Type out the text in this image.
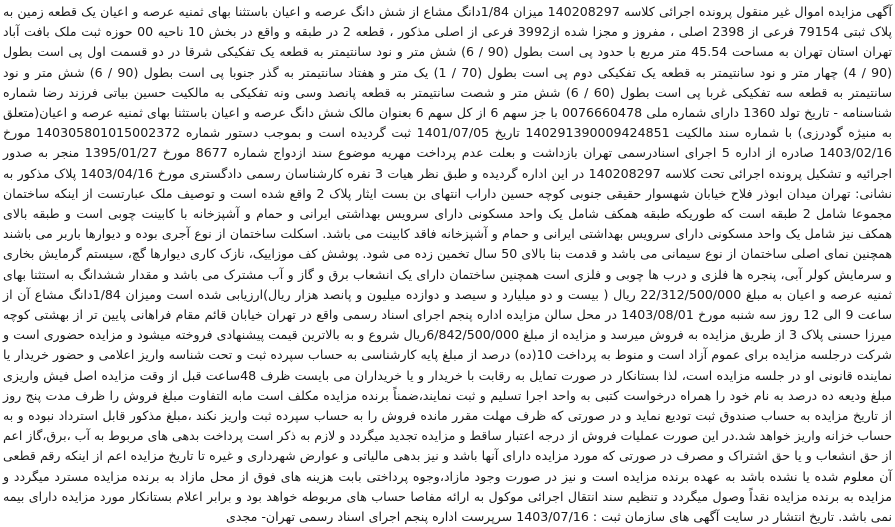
آگهی مزایده اموال غیر منقول پرونده اجرائی کلاسه 140208297 میزان 1/84دانگ مشاع از شش دانگ عرصه و اعیان باستثنا بهای ثمنیه عرصه و اعیان یک قطعه زمین به پلاک ثبتی 79154 فرعی از 2398 اصلی ، مفروز و مجزا شده از3992 فرعی از اصلی مذکور ، قطعه 2 در طبقه و واقع در بخش 10 ناحیه 00 حوزه ثبت ملک بافت آباد تهران استان تهران به مساحت 45.54 متر مربع با حدود پی است بطول (90 / 6) شش متر و نود سانتیمتر به قطعه یک تفکیکی شرقا در دو قسمت اول پی است بطول (90 / 4) چهار متر و نود سانتیمتر به قطعه یک تفکیکی دوم پی است بطول (70 / 1) یک متر و هفتاد سانتیمتر به گذر جنوبا پی است بطول (90 / 6) شش متر و نود سانتیمتر به قطعه سه تفکیکی غربا پی است بطول (60 / 6) شش متر و شصت سانتیمتر به قطعه پانصد وسی ونه تفکیکی به مالکیت حسین بیاتی فرزند رضا شماره شناسنامه - تاریخ تولد 1360 دارای شماره ملی 0076660478 با جز سهم 6 از کل سهم 6 بعنوان مالک شش دانگ عرصه و اعیان باستثنا بهای ثمنیه عرصه و اعیان(متعلق به منیژه گودرزی) با شماره سند مالکیت 140291390009424851 تاریخ 1401/07/05 ثبت گردیده است و بموجب دستور شماره 140305801015002372 مورخ 1403/02/16 صادره از اداره 5 اجرای اسنادرسمی تهران بازداشت و بعلت عدم پرداخت مهریه موضوع سند ازدواج شماره 8677 مورخ 1395/01/27 منجر به صدور اجرائیه و تشکیل پرونده اجرائی تحت کلاسه 140208297 در این اداره گردیده و طبق نظر هیات 3 نفره کارشناسان رسمی دادگستری مورخ 1403/04/16 پلاک مذکور به نشانی: تهران میدان ابوذر فلاح خیابان شهسوار حقیقی جنوبی کوچه حسین داراب انتهای بن بست ایثار پلاک 2 واقع شده است و توصیف ملک عبارتست از اینکه ساختمان مجموعا شامل 2 طبقه است که طوریکه طبقه همکف شامل یک واحد مسکونی دارای سرویس بهداشتی ایرانی و حمام و آشپزخانه با کابینت چوبی است و طبقه بالای همکف نیز شامل یک واحد مسکونی دارای سرویس بهداشتی ایرانی و حمام و آشپزخانه فاقد کابینت می باشد. اسکلت ساختمان از نوع آجری بوده و دیوارها باربر می باشند همچنین نمای اصلی ساختمان از نوع سیمانی می باشد و قدمت بنا بالای 50 سال تخمین زده می شود. پوشش کف موزاییک، نازک کاری دیوارها گچ، سیستم گرمایش بخاری و سرمایش کولر آبی، پنجره ها فلزی و درب ها چوبی و فلزی است همچنین ساختمان دارای یک انشعاب برق و گاز و آب مشترک می باشد و مقدار ششدانگ به استثنا بهای ثمنیه عرصه و اعیان به مبلغ 22/312/500/000 ریال ( بیست و دو میلیارد و سیصد و دوازده میلیون و پانصد هزار ریال)ارزیابی شده است ومیزان 1/84دانگ مشاع آن از ساعت 9 الی 12 روز سه شنبه مورخ 1403/08/01 در محل سالن مزایده اداره پنجم اجرای اسناد رسمی واقع در تهران خیابان قائم مقام فراهانی پایین تر از بهشتی کوچه میرزا حسنی پلاک 3 از طریق مزایده به فروش میرسد و مزایده از مبلغ 6/842/500/000ریال شروع و به بالاترین قیمت پیشنهادی فروخته میشود و مزایده حضوری است و شرکت درجلسه مزایده برای عموم آزاد است و منوط به پرداخت 10(ده) درصد از مبلغ پایه کارشناسی به حساب سپرده ثبت و تحت شناسه واریز اعلامی و حضور خریدار یا نماینده قانونی او در جلسه مزایده است، لذا بستانکار در صورت تمایل به رقابت با خریدار و یا خریداران می بایست ظرف 48ساعت قبل از وقت مزایده اصل فیش واریزی مبلغ ودیعه ده درصد به نام خود را همراه درخواست کتبی به واحد اجرا تسلیم و ثبت نمایند،ضمناً برنده مزایده مکلف است مابه التفاوت مبلغ فروش را ظرف مدت پنج روز از تاریخ مزایده به حساب صندوق ثبت تودیع نماید و در صورتی که ظرف مهلت مقرر مانده فروش را به حساب سپرده ثبت واریز نکند ،مبلغ مذکور قابل استرداد نبوده و به حساب خزانه واریز خواهد شد.در این صورت عملیات فروش از درجه اعتبار ساقط و مزایده تجدید میگردد و لازم به ذکر است پرداخت بدهی های مربوط به آب ،برق،گاز اعم از حق انشعاب و یا حق اشتراک و مصرف در صورتی که مورد مزایده دارای آنها باشد و نیز بدهی مالیاتی و عوارض شهرداری و غیره تا تاریخ مزایده اعم از اینکه رقم قطعی آن معلوم شده یا نشده باشد به عهده برنده مزایده است و نیز در صورت وجود مازاد،وجوه پرداختی بابت هزینه های فوق از محل مازاد به برنده مزایده مسترد میگردد و مزایده به برنده مزایده نقداً وصول میگردد و تنظیم سند انتقال اجرائی موکول به ارائه مفاصا حساب های مربوطه خواهد بود و برابر اعلام بستانکار مورد مزایده دارای بیمه نمی باشد. تاریخ انتشار در سایت آگهی های سازمان ثبت : 1403/07/16 سرپرست اداره پنجم اجرای اسناد رسمی تهران- مجدی
